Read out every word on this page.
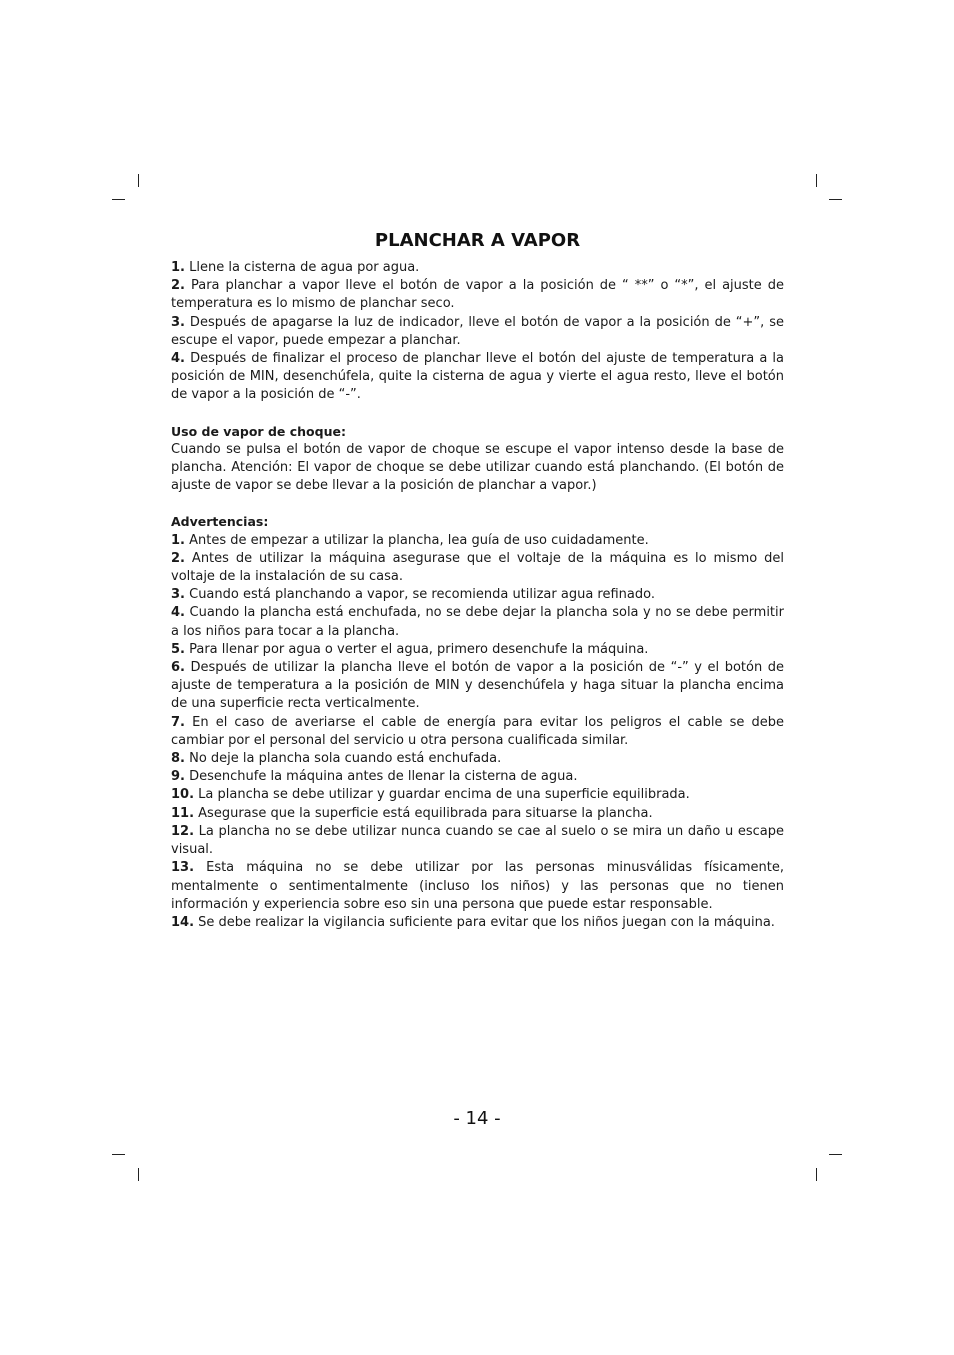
PLANCHAR A VAPOR

1. Llene la cisterna de agua por agua.

2. Para planchar a vapor lleve el botón de vapor a la posición de “ **” o “*”, el ajuste de temperatura es lo mismo de planchar seco.

3. Después de apagarse la luz de indicador, lleve el botón de vapor a la posición de “+”, se escupe el vapor, puede empezar a planchar.

4. Después de finalizar el proceso de planchar lleve el botón del ajuste de temperatura a la posición de MIN, desenchúfela, quite la cisterna de agua y vierte el agua resto, lleve el botón de vapor a la posición de “-”.

Uso de vapor de choque:

Cuando se pulsa el botón de vapor de choque se escupe el vapor intenso desde la base de plancha. Atención: El vapor de choque se debe utilizar cuando está planchando. (El botón de ajuste de vapor se debe llevar a la posición de planchar a vapor.)

Advertencias:

1. Antes de empezar a utilizar la plancha, lea guía de uso cuidadamente.

2. Antes de utilizar la máquina asegurase que el voltaje de la máquina es lo mismo del voltaje de la instalación de su casa.

3. Cuando está planchando a vapor, se recomienda utilizar agua refinado.

4. Cuando la plancha está enchufada, no se debe dejar la plancha sola y no se debe permitir a los niños para tocar a la plancha.

5. Para llenar por agua o verter el agua, primero desenchufe la máquina.

6. Después de utilizar la plancha lleve el botón de vapor a la posición de “-” y el botón de ajuste de temperatura a la posición de MIN y desenchúfela y haga situar la plancha encima de una superficie recta verticalmente.

7. En el caso de averiarse el cable de energía para evitar los peligros el cable se debe cambiar por el personal del servicio u otra persona cualificada similar.

8. No deje la plancha sola cuando está enchufada.

9. Desenchufe la máquina antes de llenar la cisterna de agua.

10. La plancha se debe utilizar y guardar encima de una superficie equilibrada.

11. Asegurase que la superficie está equilibrada para situarse la plancha.

12. La plancha no se debe utilizar nunca cuando se cae al suelo o se mira un daño u escape visual.

13. Esta máquina no se debe utilizar por las personas minusválidas físicamente, mentalmente o sentimentalmente (incluso los niños) y las personas que no tienen información y experiencia sobre eso sin una persona que puede estar responsable.

14. Se debe realizar la vigilancia suficiente para evitar que los niños juegan con la máquina.

- 14 -
